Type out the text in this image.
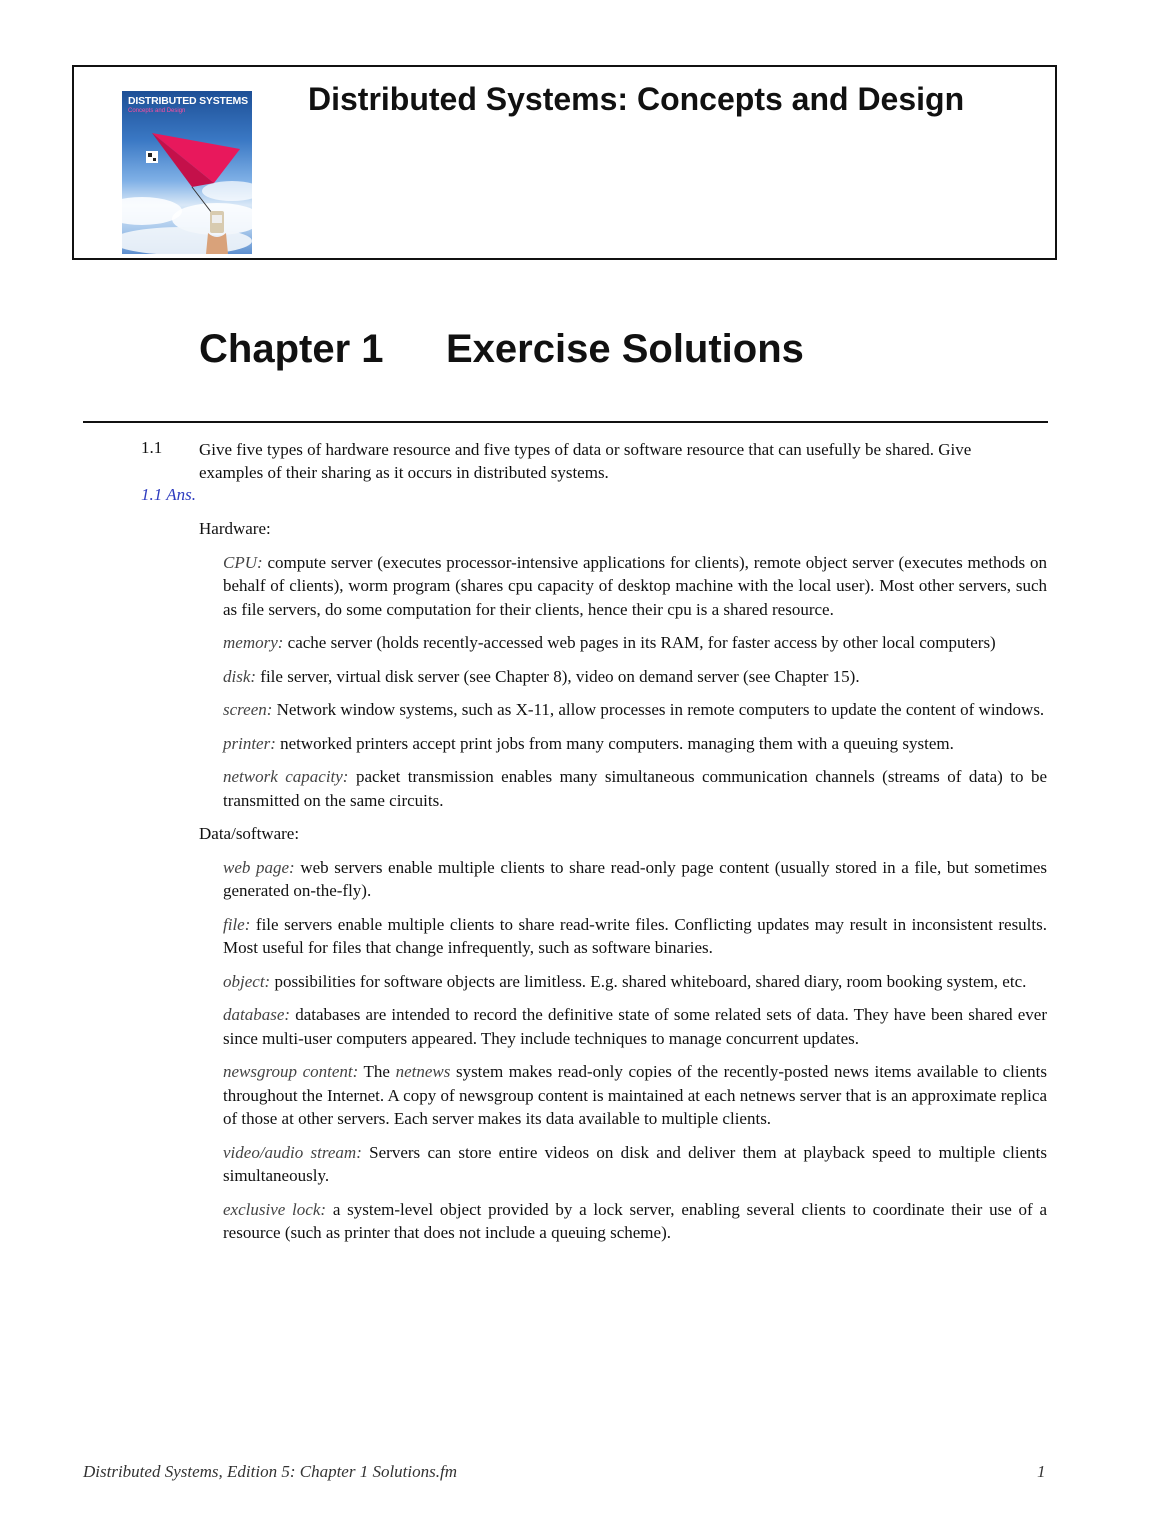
DISTRIBUTED SYSTEMS
Concepts and Design	Distributed Systems: Concepts and Design
Chapter 1 Exercise Solutions
1.1 Give five types of hardware resource and five types of data or software resource that can usefully be shared. Give examples of their sharing as it occurs in distributed systems.
1.1 Ans.
Hardware:
CPU: compute server (executes processor-intensive applications for clients), remote object server (executes methods on behalf of clients), worm program (shares cpu capacity of desktop machine with the local user). Most other servers, such as file servers, do some computation for their clients, hence their cpu is a shared resource.
memory: cache server (holds recently-accessed web pages in its RAM, for faster access by other local computers)
disk: file server, virtual disk server (see Chapter 8), video on demand server (see Chapter 15).
screen: Network window systems, such as X-11, allow processes in remote computers to update the content of windows.
printer: networked printers accept print jobs from many computers. managing them with a queuing system.
network capacity: packet transmission enables many simultaneous communication channels (streams of data) to be transmitted on the same circuits.
Data/software:
web page: web servers enable multiple clients to share read-only page content (usually stored in a file, but sometimes generated on-the-fly).
file: file servers enable multiple clients to share read-write files. Conflicting updates may result in inconsistent results. Most useful for files that change infrequently, such as software binaries.
object: possibilities for software objects are limitless. E.g. shared whiteboard, shared diary, room booking system, etc.
database: databases are intended to record the definitive state of some related sets of data. They have been shared ever since multi-user computers appeared. They include techniques to manage concurrent updates.
newsgroup content: The netnews system makes read-only copies of the recently-posted news items available to clients throughout the Internet. A copy of newsgroup content is maintained at each netnews server that is an approximate replica of those at other servers. Each server makes its data available to multiple clients.
video/audio stream: Servers can store entire videos on disk and deliver them at playback speed to multiple clients simultaneously.
exclusive lock: a system-level object provided by a lock server, enabling several clients to coordinate their use of a resource (such as printer that does not include a queuing scheme).
Distributed Systems, Edition 5: Chapter 1 Solutions.fm	1
